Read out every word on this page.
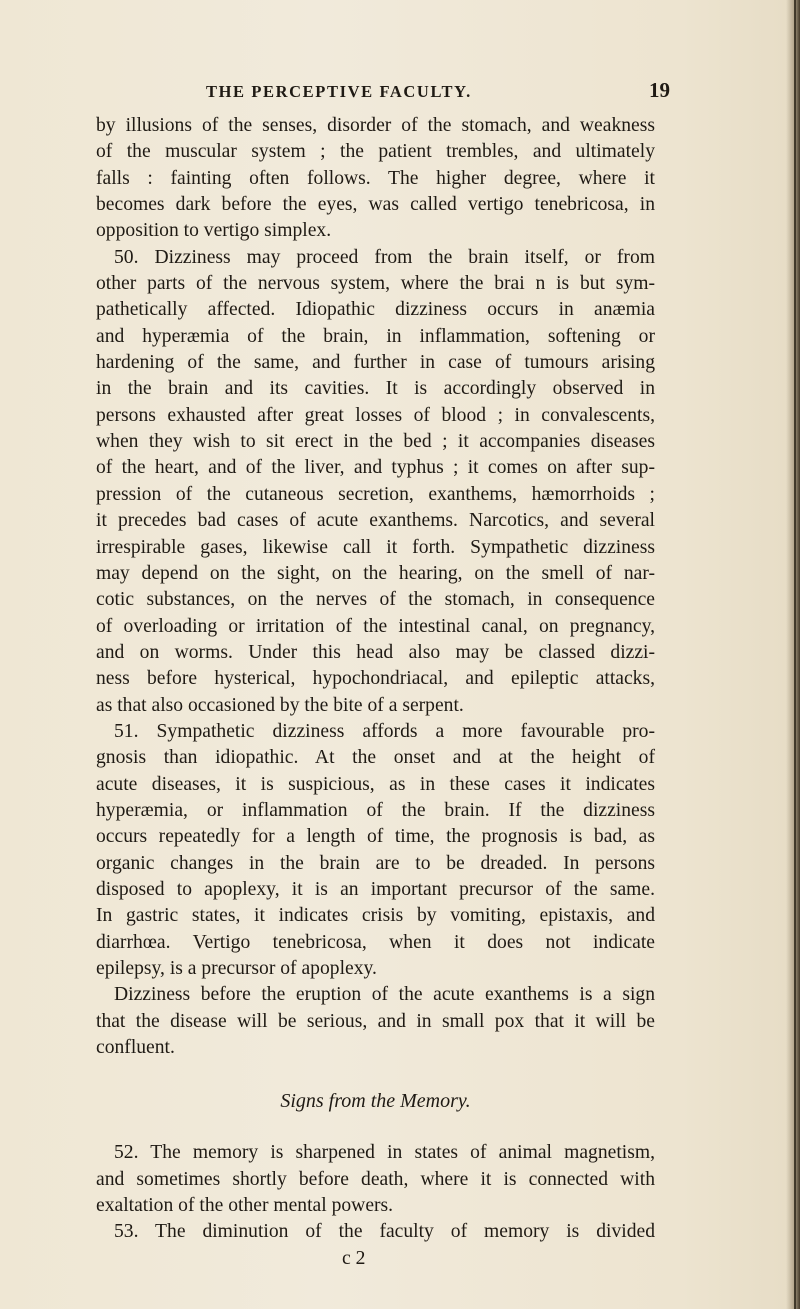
THE PERCEPTIVE FACULTY.	19
by illusions of the senses, disorder of the stomach, and weakness
of the muscular system ; the patient trembles, and ultimately
falls : fainting often follows. The higher degree, where it
becomes dark before the eyes, was called vertigo tenebricosa, in
opposition to vertigo simplex.
50. Dizziness may proceed from the brain itself, or from
other parts of the nervous system, where the brai n is but sym-
pathetically affected. Idiopathic dizziness occurs in anæmia
and hyperæmia of the brain, in inflammation, softening or
hardening of the same, and further in case of tumours arising
in the brain and its cavities. It is accordingly observed in
persons exhausted after great losses of blood ; in convalescents,
when they wish to sit erect in the bed ; it accompanies diseases
of the heart, and of the liver, and typhus ; it comes on after sup-
pression of the cutaneous secretion, exanthems, hæmorrhoids ;
it precedes bad cases of acute exanthems. Narcotics, and several
irrespirable gases, likewise call it forth. Sympathetic dizziness
may depend on the sight, on the hearing, on the smell of nar-
cotic substances, on the nerves of the stomach, in consequence
of overloading or irritation of the intestinal canal, on pregnancy,
and on worms. Under this head also may be classed dizzi-
ness before hysterical, hypochondriacal, and epileptic attacks,
as that also occasioned by the bite of a serpent.
51. Sympathetic dizziness affords a more favourable pro-
gnosis than idiopathic. At the onset and at the height of
acute diseases, it is suspicious, as in these cases it indicates
hyperæmia, or inflammation of the brain. If the dizziness
occurs repeatedly for a length of time, the prognosis is bad, as
organic changes in the brain are to be dreaded. In persons
disposed to apoplexy, it is an important precursor of the same.
In gastric states, it indicates crisis by vomiting, epistaxis, and
diarrhœa. Vertigo tenebricosa, when it does not indicate
epilepsy, is a precursor of apoplexy.
Dizziness before the eruption of the acute exanthems is a sign
that the disease will be serious, and in small pox that it will be
confluent.
Signs from the Memory.
52. The memory is sharpened in states of animal magnetism,
and sometimes shortly before death, where it is connected with
exaltation of the other mental powers.
53. The diminution of the faculty of memory is divided
c 2
